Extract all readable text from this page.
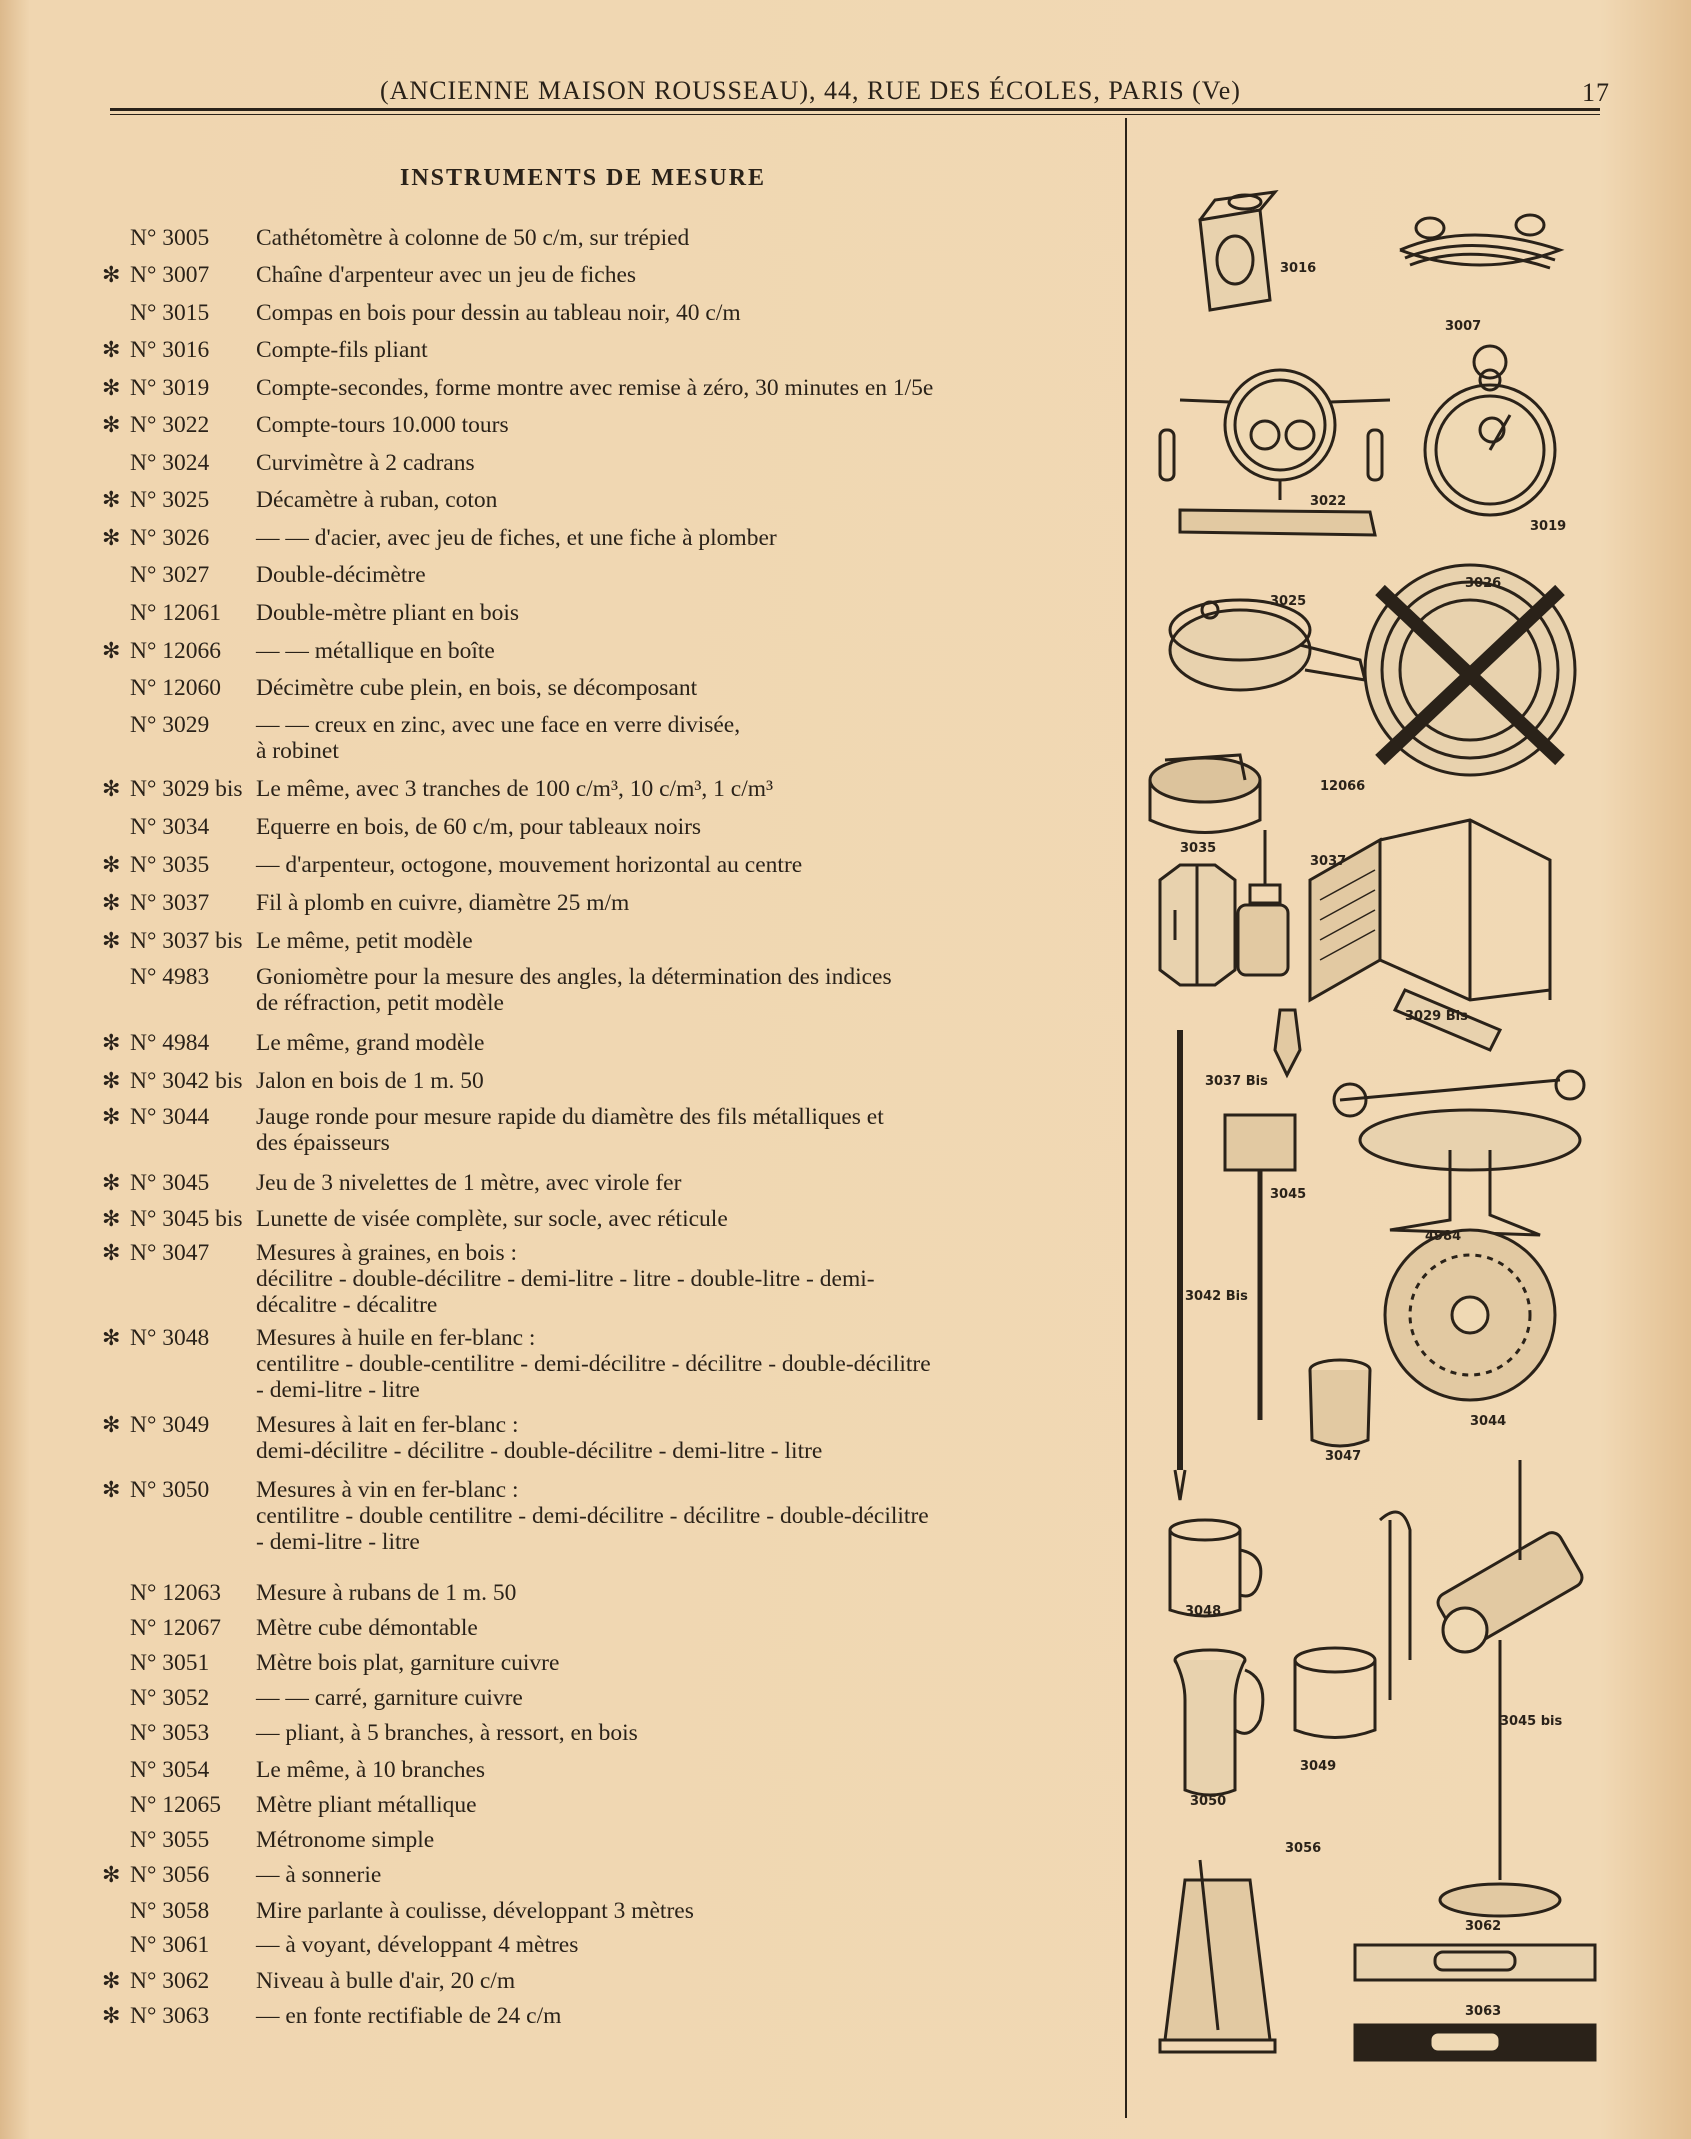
(ANCIENNE MAISON ROUSSEAU), 44, RUE DES ÉCOLES, PARIS (Ve)	17
INSTRUMENTS DE MESURE
N° 3005 Cathétomètre à colonne de 50 c/m, sur trépied
✻ N° 3007 Chaîne d'arpenteur avec un jeu de fiches
N° 3015 Compas en bois pour dessin au tableau noir, 40 c/m
✻ N° 3016 Compte-fils pliant
✻ N° 3019 Compte-secondes, forme montre avec remise à zéro, 30 minutes en 1/5e
✻ N° 3022 Compte-tours 10.000 tours
N° 3024 Curvimètre à 2 cadrans
✻ N° 3025 Décamètre à ruban, coton
✻ N° 3026 — — d'acier, avec jeu de fiches, et une fiche à plomber
N° 3027 Double-décimètre
N° 12061 Double-mètre pliant en bois
✻ N° 12066 — — métallique en boîte
N° 12060 Décimètre cube plein, en bois, se décomposant
N° 3029 — — creux en zinc, avec une face en verre divisée,
à robinet
✻ N° 3029 bis Le même, avec 3 tranches de 100 c/m³, 10 c/m³, 1 c/m³
N° 3034 Equerre en bois, de 60 c/m, pour tableaux noirs
✻ N° 3035 — d'arpenteur, octogone, mouvement horizontal au centre
✻ N° 3037 Fil à plomb en cuivre, diamètre 25 m/m
✻ N° 3037 bis Le même, petit modèle
N° 4983 Goniomètre pour la mesure des angles, la détermination des indices
de réfraction, petit modèle
✻ N° 4984 Le même, grand modèle
✻ N° 3042 bis Jalon en bois de 1 m. 50
✻ N° 3044 Jauge ronde pour mesure rapide du diamètre des fils métalliques et
des épaisseurs
✻ N° 3045 Jeu de 3 nivelettes de 1 mètre, avec virole fer
✻ N° 3045 bis Lunette de visée complète, sur socle, avec réticule
✻ N° 3047 Mesures à graines, en bois :
décilitre - double-décilitre - demi-litre - litre - double-litre - demi-
décalitre - décalitre
✻ N° 3048 Mesures à huile en fer-blanc :
centilitre - double-centilitre - demi-décilitre - décilitre - double-décilitre
- demi-litre - litre
✻ N° 3049 Mesures à lait en fer-blanc :
demi-décilitre - décilitre - double-décilitre - demi-litre - litre
✻ N° 3050 Mesures à vin en fer-blanc :
centilitre - double centilitre - demi-décilitre - décilitre - double-décilitre
- demi-litre - litre
N° 12063 Mesure à rubans de 1 m. 50
N° 12067 Mètre cube démontable
N° 3051 Mètre bois plat, garniture cuivre
N° 3052 — — carré, garniture cuivre
N° 3053 — pliant, à 5 branches, à ressort, en bois
N° 3054 Le même, à 10 branches
N° 12065 Mètre pliant métallique
N° 3055 Métronome simple
✻ N° 3056 — à sonnerie
N° 3058 Mire parlante à coulisse, développant 3 mètres
N° 3061 — à voyant, développant 4 mètres
✻ N° 3062 Niveau à bulle d'air, 20 c/m
✻ N° 3063 — en fonte rectifiable de 24 c/m
3016
3007
3022
3019
3025
3026
12066
3035
3037
3029 Bis
3037 Bis
3045
4984
3042 Bis
3044
3047
3048
3045 bis
3049
3050
3056
3062
3063
